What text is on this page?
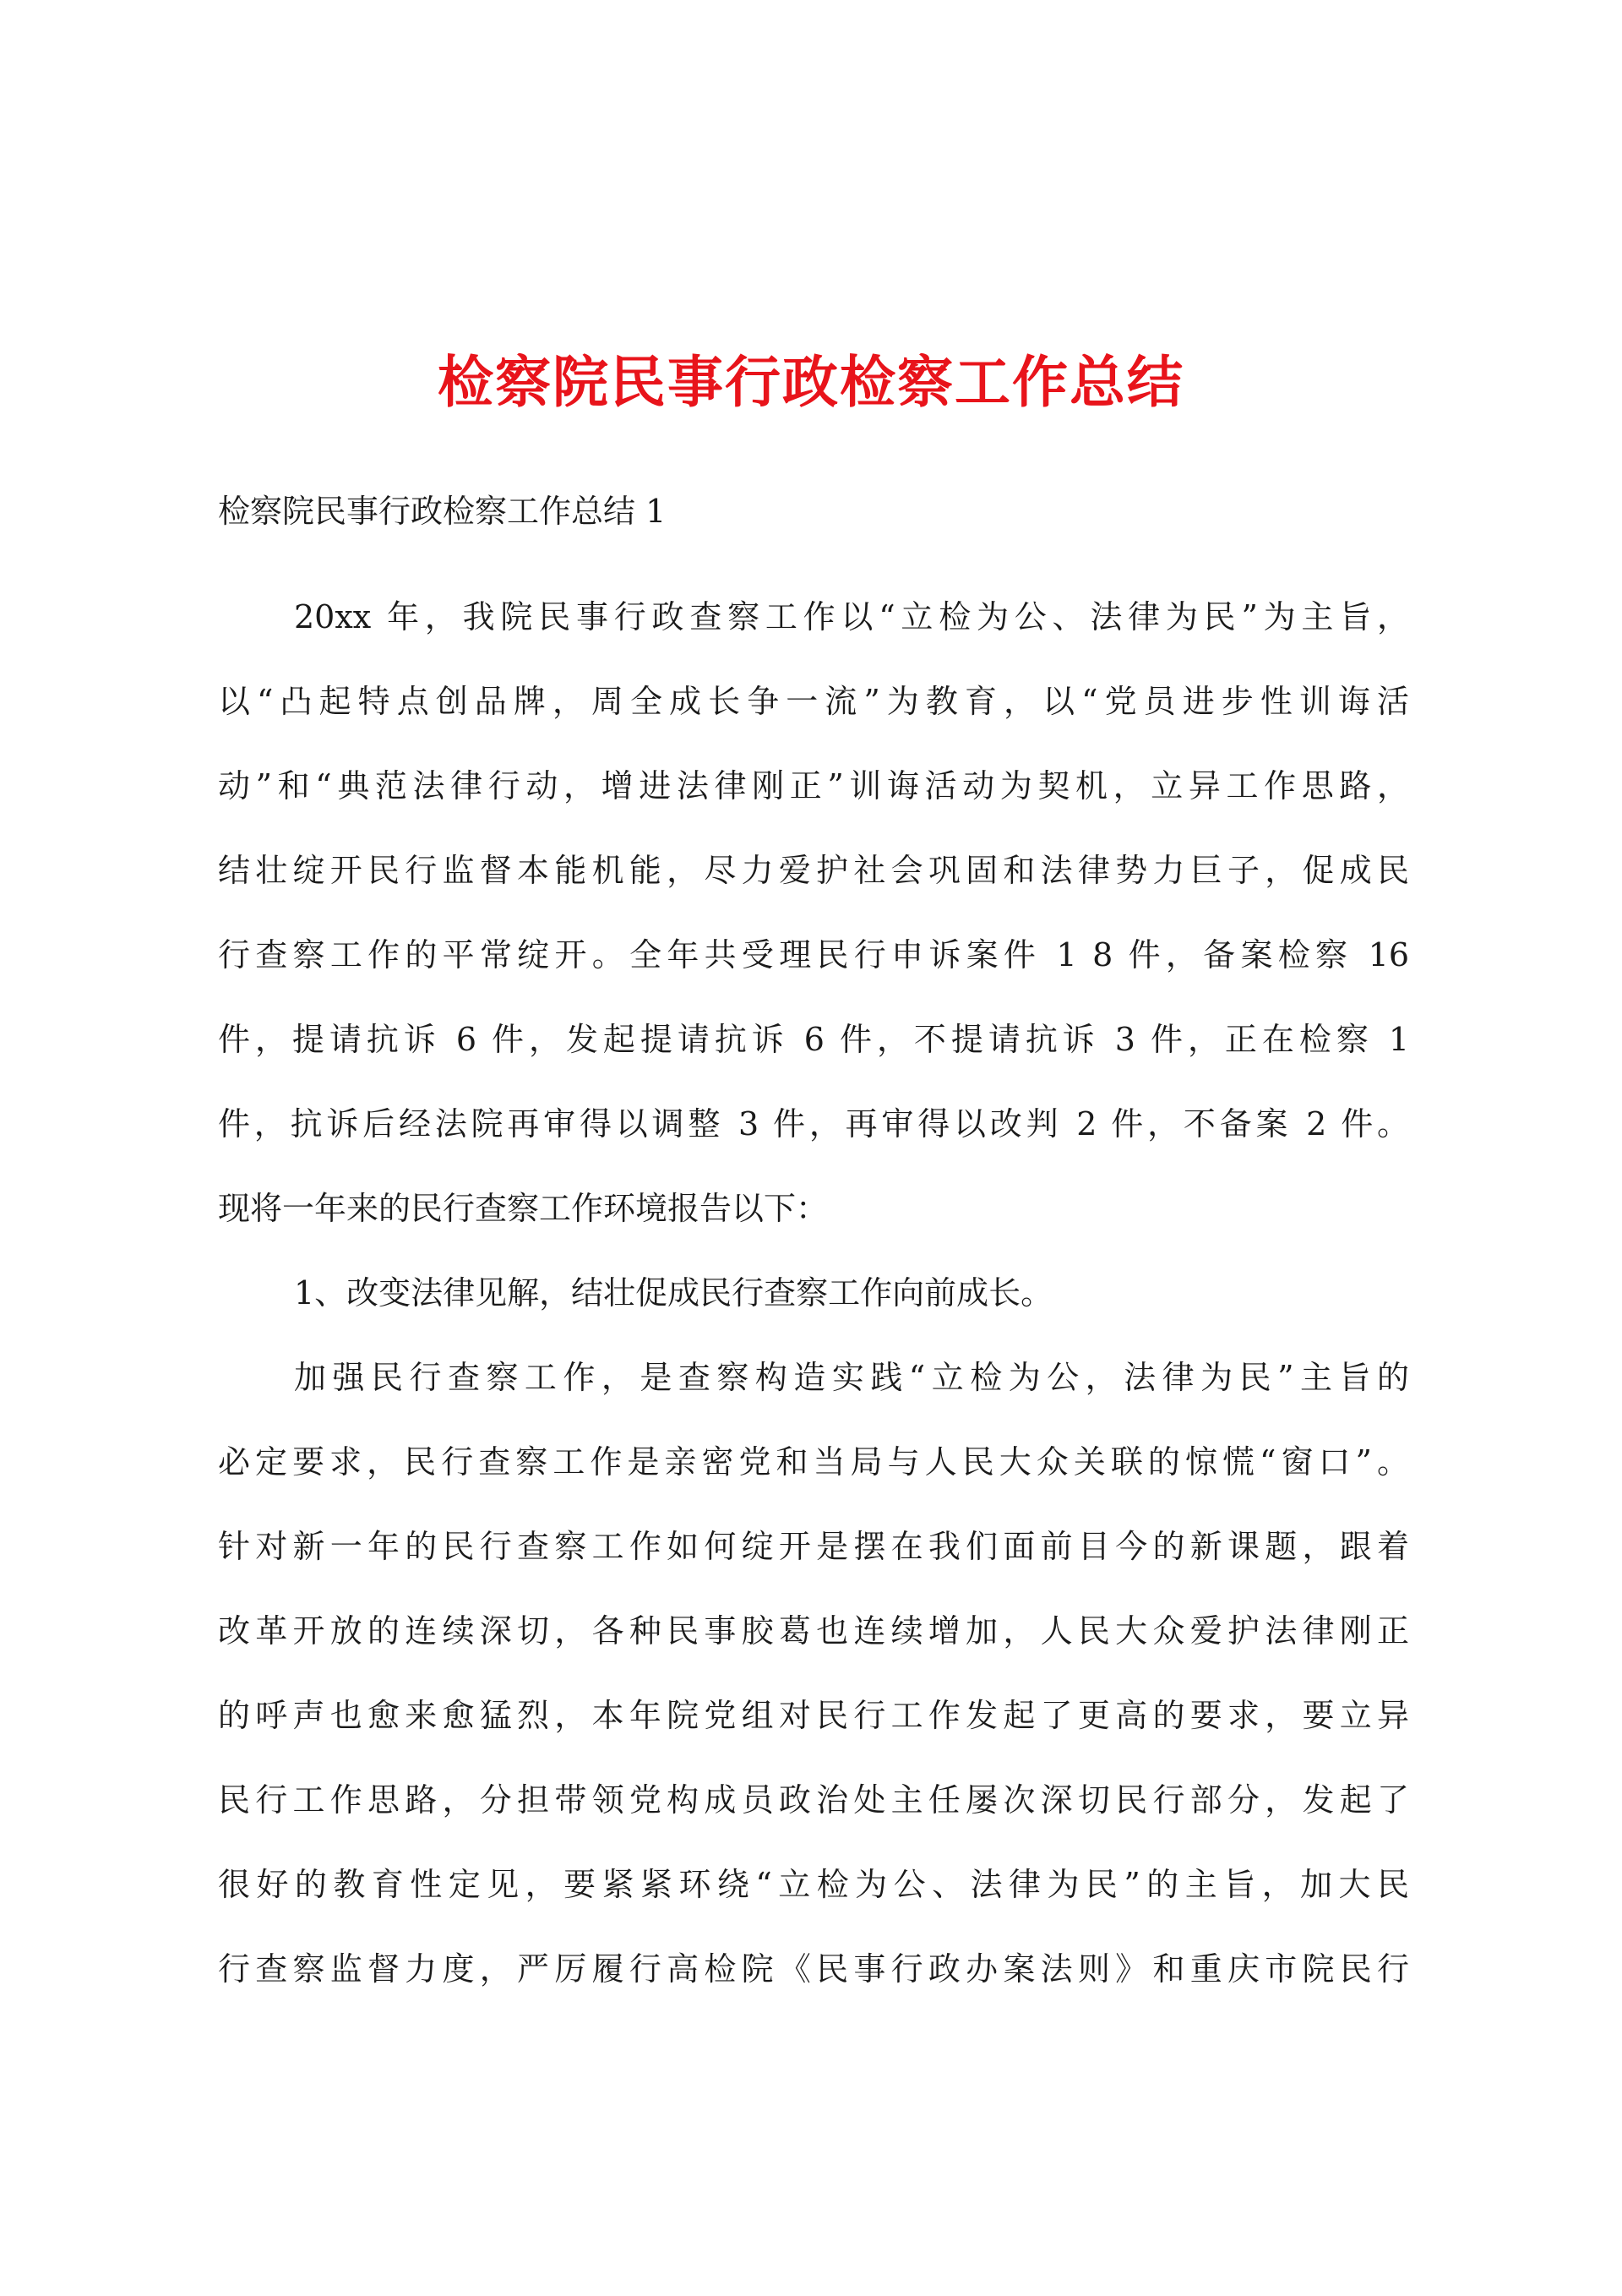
检察院民事行政检察工作总结
检察院民事行政检察工作总结 1
20xx 年，我院民事行政查察工作以“立检为公、法律为民”为主旨，
以“凸起特点创品牌，周全成长争一流”为教育，以“党员进步性训诲活
动”和“典范法律行动，增进法律刚正”训诲活动为契机，立异工作思路，
结壮绽开民行监督本能机能，尽力爱护社会巩固和法律势力巨子，促成民
行查察工作的平常绽开。全年共受理民行申诉案件 1 8 件，备案检察 16
件，提请抗诉 6 件，发起提请抗诉 6 件，不提请抗诉 3 件，正在检察 1
件，抗诉后经法院再审得以调整 3 件，再审得以改判 2 件，不备案 2 件。
现将一年来的民行查察工作环境报告以下：
1、改变法律见解，结壮促成民行查察工作向前成长。
加强民行查察工作，是查察构造实践“立检为公，法律为民”主旨的
必定要求，民行查察工作是亲密党和当局与人民大众关联的惊慌“窗口”。
针对新一年的民行查察工作如何绽开是摆在我们面前目今的新课题，跟着
改革开放的连续深切，各种民事胶葛也连续增加，人民大众爱护法律刚正
的呼声也愈来愈猛烈，本年院党组对民行工作发起了更高的要求，要立异
民行工作思路，分担带领党构成员政治处主任屡次深切民行部分，发起了
很好的教育性定见，要紧紧环绕“立检为公、法律为民”的主旨，加大民
行查察监督力度，严厉履行高检院《民事行政办案法则》和重庆市院民行
